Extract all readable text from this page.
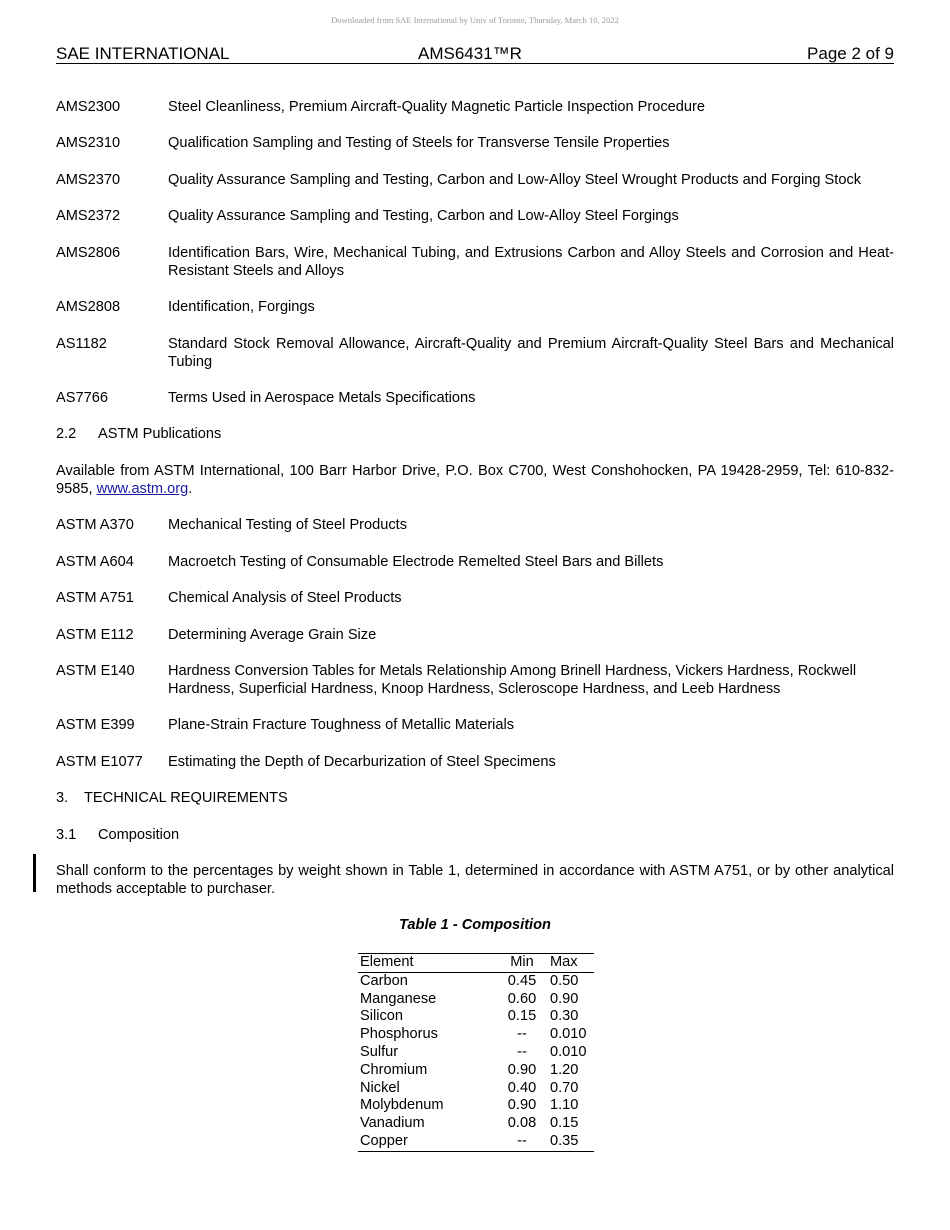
Downloaded from SAE International by Univ of Toronto, Thursday, March 10, 2022
SAE INTERNATIONAL	AMS6431™R	Page 2 of 9
AMS2300	Steel Cleanliness, Premium Aircraft-Quality Magnetic Particle Inspection Procedure
AMS2310	Qualification Sampling and Testing of Steels for Transverse Tensile Properties
AMS2370	Quality Assurance Sampling and Testing, Carbon and Low-Alloy Steel Wrought Products and Forging Stock
AMS2372	Quality Assurance Sampling and Testing, Carbon and Low-Alloy Steel Forgings
AMS2806	Identification Bars, Wire, Mechanical Tubing, and Extrusions Carbon and Alloy Steels and Corrosion and Heat-Resistant Steels and Alloys
AMS2808	Identification, Forgings
AS1182	Standard Stock Removal Allowance, Aircraft-Quality and Premium Aircraft-Quality Steel Bars and Mechanical Tubing
AS7766	Terms Used in Aerospace Metals Specifications
2.2 ASTM Publications
Available from ASTM International, 100 Barr Harbor Drive, P.O. Box C700, West Conshohocken, PA 19428-2959, Tel: 610-832-9585, www.astm.org.
ASTM A370 Mechanical Testing of Steel Products
ASTM A604 Macroetch Testing of Consumable Electrode Remelted Steel Bars and Billets
ASTM A751 Chemical Analysis of Steel Products
ASTM E112 Determining Average Grain Size
ASTM E140 Hardness Conversion Tables for Metals Relationship Among Brinell Hardness, Vickers Hardness, Rockwell Hardness, Superficial Hardness, Knoop Hardness, Scleroscope Hardness, and Leeb Hardness
ASTM E399 Plane-Strain Fracture Toughness of Metallic Materials
ASTM E1077 Estimating the Depth of Decarburization of Steel Specimens
3. TECHNICAL REQUIREMENTS
3.1 Composition
Shall conform to the percentages by weight shown in Table 1, determined in accordance with ASTM A751, or by other analytical methods acceptable to purchaser.
Table 1 - Composition
Element	Min	Max
Carbon	0.45	0.50
Manganese	0.60	0.90
Silicon	0.15	0.30
Phosphorus	--	0.010
Sulfur	--	0.010
Chromium	0.90	1.20
Nickel	0.40	0.70
Molybdenum	0.90	1.10
Vanadium	0.08	0.15
Copper	--	0.35
